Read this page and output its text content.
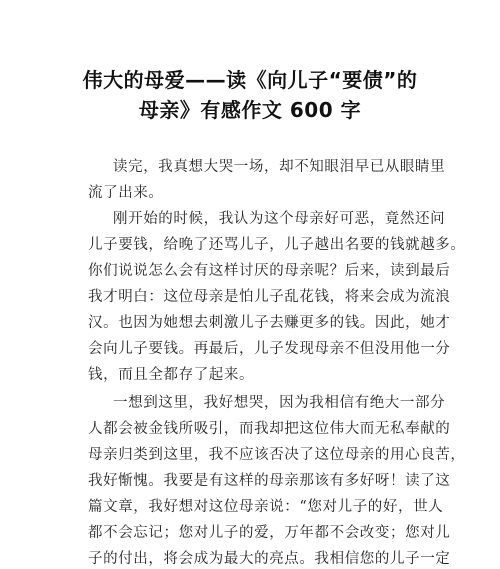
伟大的母爱——读《向儿子“要债”的
母亲》有感作文 600 字
读完，我真想大哭一场，却不知眼泪早已从眼睛里
流了出来。
刚开始的时候，我认为这个母亲好可恶，竟然还问
儿子要钱，给晚了还骂儿子，儿子越出名要的钱就越多。
你们说说怎么会有这样讨厌的母亲呢？后来，读到最后
我才明白：这位母亲是怕儿子乱花钱，将来会成为流浪
汉。也因为她想去刺激儿子去赚更多的钱。因此，她才
会向儿子要钱。再最后，儿子发现母亲不但没用他一分
钱，而且全都存了起来。
一想到这里，我好想哭，因为我相信有绝大一部分
人都会被金钱所吸引，而我却把这位伟大而无私奉献的
母亲归类到这里，我不应该否决了这位母亲的用心良苦，
我好惭愧。我要是有这样的母亲那该有多好呀！读了这
篇文章，我好想对这位母亲说：“您对儿子的好，世人
都不会忘记；您对儿子的爱，万年都不会改变；您对儿
子的付出，将会成为最大的亮点。我相信您的儿子一定
